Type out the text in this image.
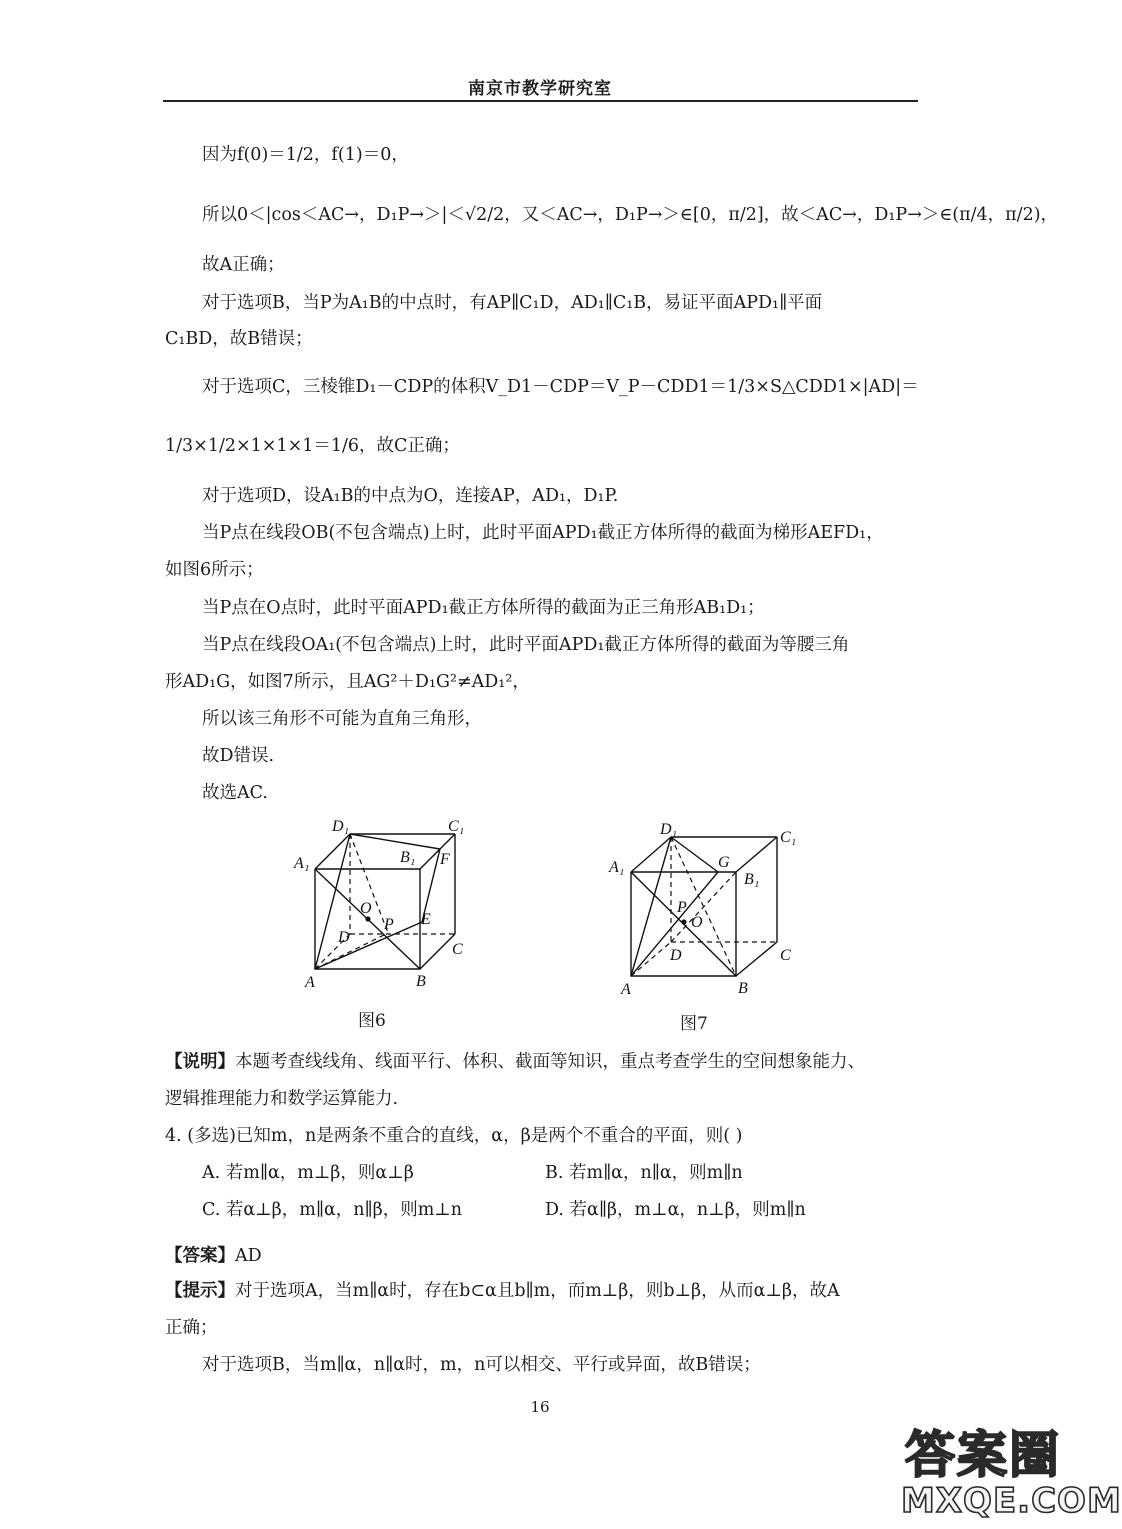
南京市教学研究室
因为f(0)＝1/2，f(1)＝0，
所以0＜|cos＜AC→，D₁P→＞|＜√2/2，又＜AC→，D₁P→＞∈[0，π/2]，故＜AC→，D₁P→＞∈(π/4，π/2)，
故A正确；
对于选项B，当P为A₁B的中点时，有AP∥C₁D，AD₁∥C₁B，易证平面APD₁∥平面
C₁BD，故B错误；
对于选项C，三棱锥D₁－CDP的体积V_D1－CDP＝V_P－CDD1＝1/3×S△CDD1×|AD|＝
1/3×1/2×1×1×1＝1/6，故C正确；
对于选项D，设A₁B的中点为O，连接AP，AD₁，D₁P.
当P点在线段OB(不包含端点)上时，此时平面APD₁截正方体所得的截面为梯形AEFD₁，
如图6所示；
当P点在O点时，此时平面APD₁截正方体所得的截面为正三角形AB₁D₁；
当P点在线段OA₁(不包含端点)上时，此时平面APD₁截正方体所得的截面为等腰三角
形AD₁G，如图7所示，且AG²＋D₁G²≠AD₁²，
所以该三角形不可能为直角三角形，
故D错误.
故选AC.
D₁	C₁
A₁	B₁ F
O
P E
D
C
A	B
图6
D₁	C₁
A₁	G
B₁
P
O
D	C
A	B
图7
【说明】本题考查线线角、线面平行、体积、截面等知识，重点考查学生的空间想象能力、
逻辑推理能力和数学运算能力.
4. (多选)已知m，n是两条不重合的直线，α，β是两个不重合的平面，则( )
A. 若m∥α，m⊥β，则α⊥β	B. 若m∥α，n∥α，则m∥n
C. 若α⊥β，m∥α，n∥β，则m⊥n	D. 若α∥β，m⊥α，n⊥β，则m∥n
【答案】AD
【提示】对于选项A，当m∥α时，存在b⊂α且b∥m，而m⊥β，则b⊥β，从而α⊥β，故A
正确；
对于选项B，当m∥α，n∥α时，m，n可以相交、平行或异面，故B错误；
16
答案圈
MXQE.COM
